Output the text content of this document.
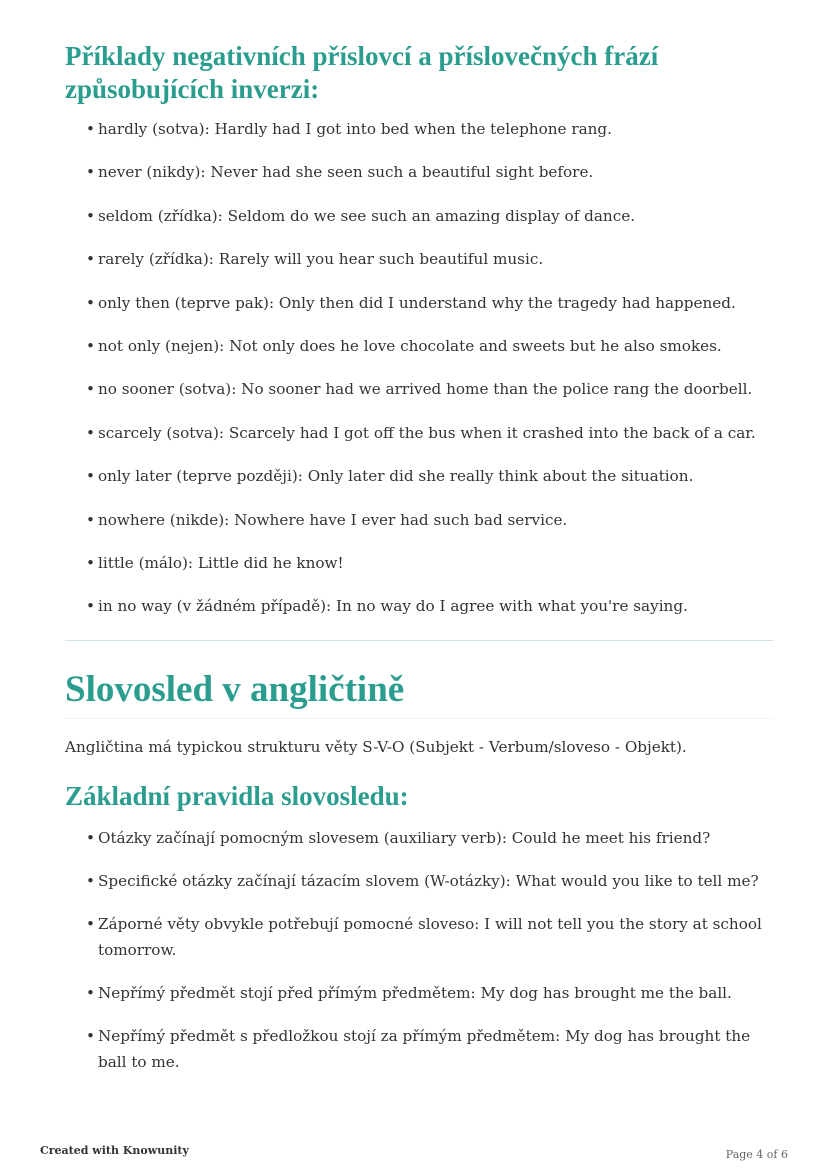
Příklady negativních příslovcí a příslovečných frází způsobujících inverzi:
• hardly (sotva): Hardly had I got into bed when the telephone rang.
• never (nikdy): Never had she seen such a beautiful sight before.
• seldom (zřídka): Seldom do we see such an amazing display of dance.
• rarely (zřídka): Rarely will you hear such beautiful music.
• only then (teprve pak): Only then did I understand why the tragedy had happened.
• not only (nejen): Not only does he love chocolate and sweets but he also smokes.
• no sooner (sotva): No sooner had we arrived home than the police rang the doorbell.
• scarcely (sotva): Scarcely had I got off the bus when it crashed into the back of a car.
• only later (teprve později): Only later did she really think about the situation.
• nowhere (nikde): Nowhere have I ever had such bad service.
• little (málo): Little did he know!
• in no way (v žádném případě): In no way do I agree with what you're saying.
Slovosled v angličtině

Angličtina má typickou strukturu věty S-V-O (Subjekt - Verbum/sloveso - Objekt).

Základní pravidla slovosledu:
• Otázky začínají pomocným slovesem (auxiliary verb): Could he meet his friend?
• Specifické otázky začínají tázacím slovem (W-otázky): What would you like to tell me?
• Záporné věty obvykle potřebují pomocné sloveso: I will not tell you the story at school tomorrow.
• Nepřímý předmět stojí před přímým předmětem: My dog has brought me the ball.
• Nepřímý předmět s předložkou stojí za přímým předmětem: My dog has brought the ball to me.
Created with Knowunity	Page 4 of 6
